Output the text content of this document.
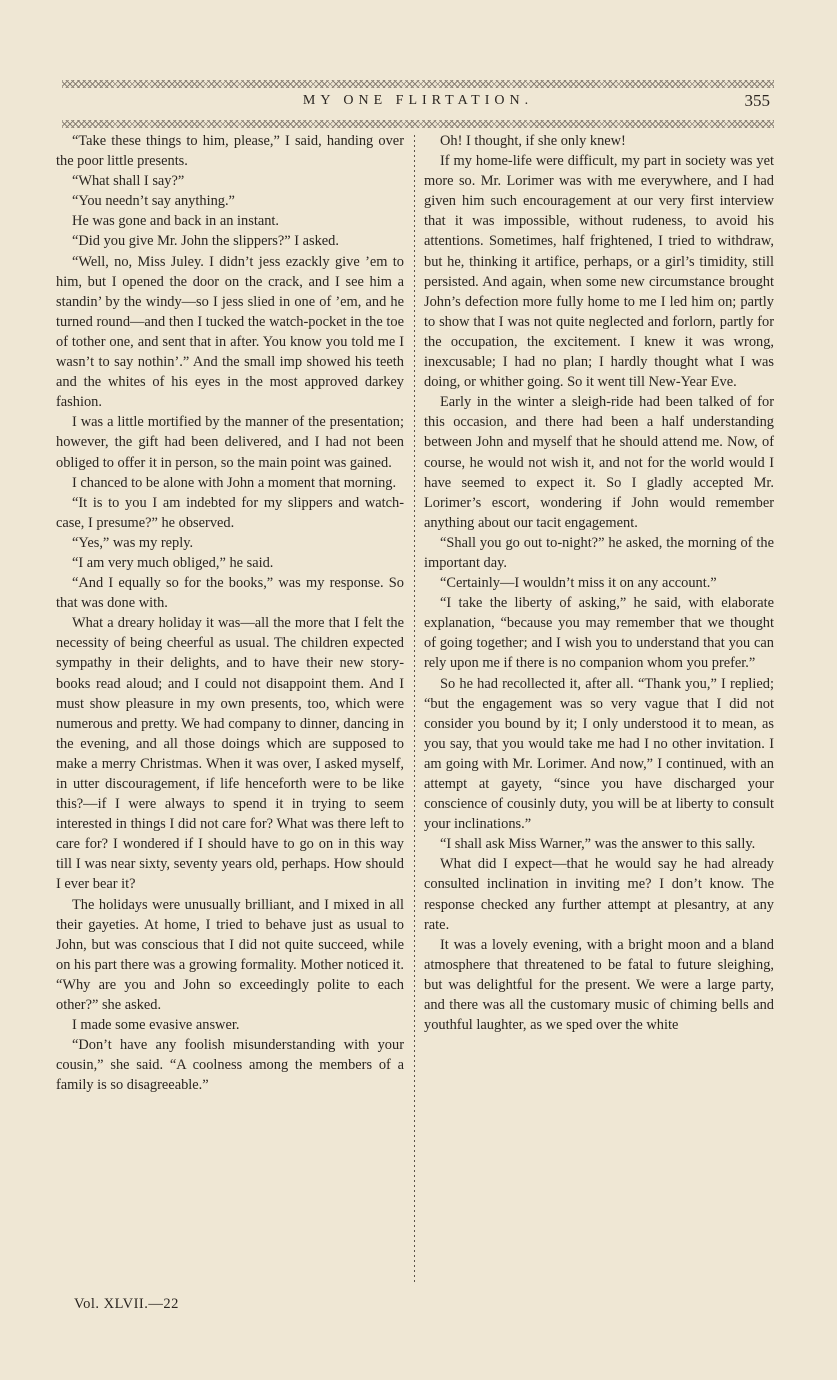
MY ONE FLIRTATION.	355

“Take these things to him, please,” I said, handing over the poor little presents.

“What shall I say?”

“You needn’t say anything.”

He was gone and back in an instant.

“Did you give Mr. John the slippers?” I asked.

“Well, no, Miss Juley. I didn’t jess ezackly give ’em to him, but I opened the door on the crack, and I see him a standin’ by the windy—so I jess slied in one of ’em, and he turned round—and then I tucked the watch-pocket in the toe of tother one, and sent that in after. You know you told me I wasn’t to say nothin’.” And the small imp showed his teeth and the whites of his eyes in the most approved darkey fashion.

I was a little mortified by the manner of the presentation; however, the gift had been delivered, and I had not been obliged to offer it in person, so the main point was gained.

I chanced to be alone with John a moment that morning.

“It is to you I am indebted for my slippers and watch-case, I presume?” he observed.

“Yes,” was my reply.

“I am very much obliged,” he said.

“And I equally so for the books,” was my response. So that was done with.

What a dreary holiday it was—all the more that I felt the necessity of being cheerful as usual. The children expected sympathy in their delights, and to have their new story-books read aloud; and I could not disappoint them. And I must show pleasure in my own presents, too, which were numerous and pretty. We had company to dinner, dancing in the evening, and all those doings which are supposed to make a merry Christmas. When it was over, I asked myself, in utter discouragement, if life henceforth were to be like this?—if I were always to spend it in trying to seem interested in things I did not care for? What was there left to care for? I wondered if I should have to go on in this way till I was near sixty, seventy years old, perhaps. How should I ever bear it?

The holidays were unusually brilliant, and I mixed in all their gayeties. At home, I tried to behave just as usual to John, but was conscious that I did not quite succeed, while on his part there was a growing formality. Mother noticed it. “Why are you and John so exceedingly polite to each other?” she asked.

I made some evasive answer.

“Don’t have any foolish misunderstanding with your cousin,” she said. “A coolness among the members of a family is so disagreeable.”

Oh! I thought, if she only knew!

If my home-life were difficult, my part in society was yet more so. Mr. Lorimer was with me everywhere, and I had given him such encouragement at our very first interview that it was impossible, without rudeness, to avoid his attentions. Sometimes, half frightened, I tried to withdraw, but he, thinking it artifice, perhaps, or a girl’s timidity, still persisted. And again, when some new circumstance brought John’s defection more fully home to me I led him on; partly to show that I was not quite neglected and forlorn, partly for the occupation, the excitement. I knew it was wrong, inexcusable; I had no plan; I hardly thought what I was doing, or whither going. So it went till New-Year Eve.

Early in the winter a sleigh-ride had been talked of for this occasion, and there had been a half understanding between John and myself that he should attend me. Now, of course, he would not wish it, and not for the world would I have seemed to expect it. So I gladly accepted Mr. Lorimer’s escort, wondering if John would remember anything about our tacit engagement.

“Shall you go out to-night?” he asked, the morning of the important day.

“Certainly—I wouldn’t miss it on any account.”

“I take the liberty of asking,” he said, with elaborate explanation, “because you may remember that we thought of going together; and I wish you to understand that you can rely upon me if there is no companion whom you prefer.”

So he had recollected it, after all. “Thank you,” I replied; “but the engagement was so very vague that I did not consider you bound by it; I only understood it to mean, as you say, that you would take me had I no other invitation. I am going with Mr. Lorimer. And now,” I continued, with an attempt at gayety, “since you have discharged your conscience of cousinly duty, you will be at liberty to consult your inclinations.”

“I shall ask Miss Warner,” was the answer to this sally.

What did I expect—that he would say he had already consulted inclination in inviting me? I don’t know. The response checked any further attempt at plesantry, at any rate.

It was a lovely evening, with a bright moon and a bland atmosphere that threatened to be fatal to future sleighing, but was delightful for the present. We were a large party, and there was all the customary music of chiming bells and youthful laughter, as we sped over the white

Vol. XLVII.—22
